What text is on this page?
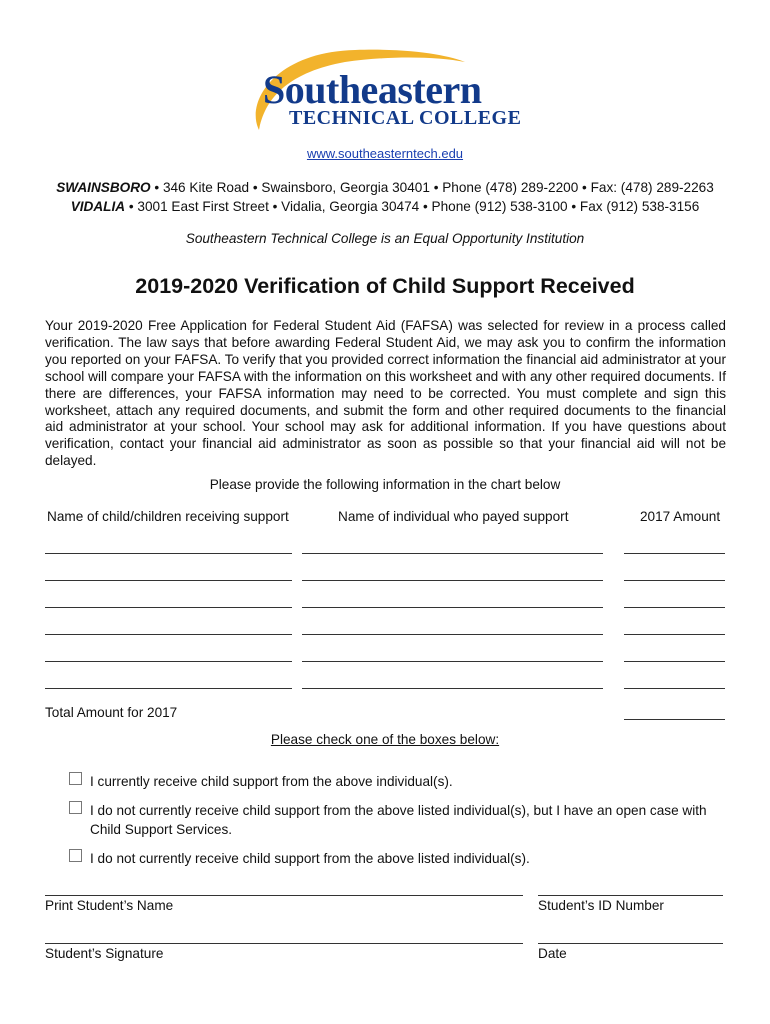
Southeastern
TECHNICAL COLLEGE
www.southeasterntech.edu
SWAINSBORO • 346 Kite Road • Swainsboro, Georgia 30401 • Phone (478) 289-2200 • Fax: (478) 289-2263
VIDALIA • 3001 East First Street • Vidalia, Georgia 30474 • Phone (912) 538-3100 • Fax (912) 538-3156
Southeastern Technical College is an Equal Opportunity Institution
2019-2020 Verification of Child Support Received
Your 2019-2020 Free Application for Federal Student Aid (FAFSA) was selected for review in a process called verification. The law says that before awarding Federal Student Aid, we may ask you to confirm the information you reported on your FAFSA. To verify that you provided correct information the financial aid administrator at your school will compare your FAFSA with the information on this worksheet and with any other required documents. If there are differences, your FAFSA information may need to be corrected. You must complete and sign this worksheet, attach any required documents, and submit the form and other required documents to the financial aid administrator at your school. Your school may ask for additional information. If you have questions about verification, contact your financial aid administrator as soon as possible so that your financial aid will not be delayed.
Please provide the following information in the chart below
Name of child/children receiving support	Name of individual who payed support	2017 Amount
Total Amount for 2017
Please check one of the boxes below:
I currently receive child support from the above individual(s).
I do not currently receive child support from the above listed individual(s), but I have an open case with Child Support Services.
I do not currently receive child support from the above listed individual(s).
Print Student’s Name	Student’s ID Number
Student’s Signature	Date
